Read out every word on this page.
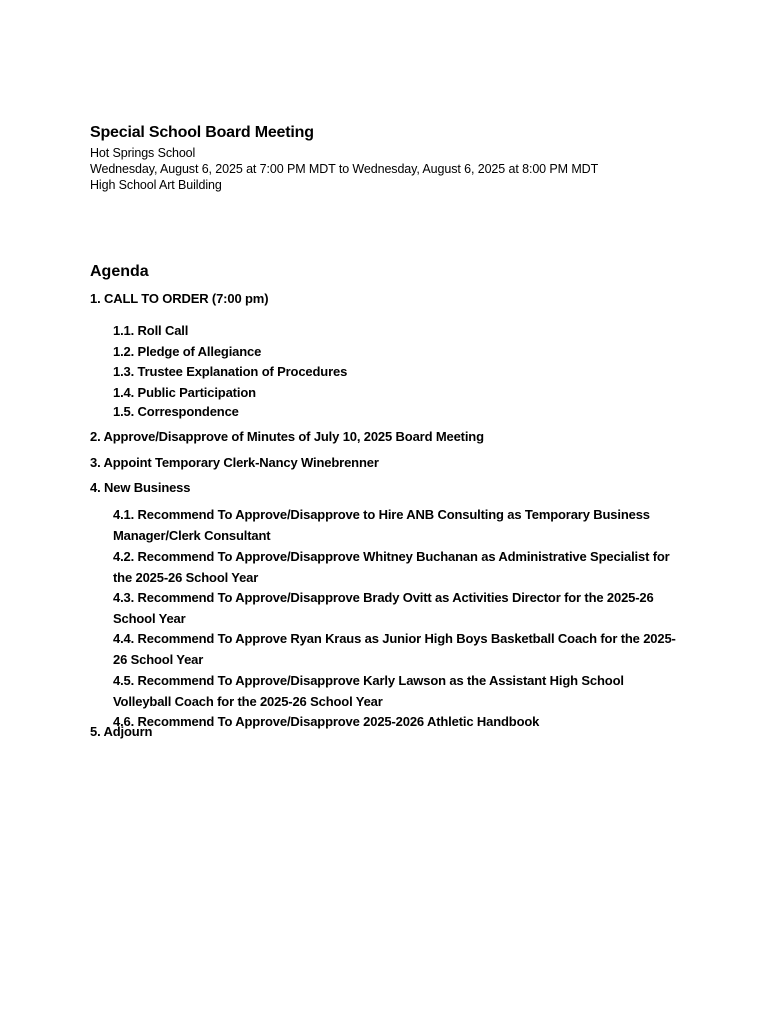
Special School Board Meeting
Hot Springs School
Wednesday, August 6, 2025 at 7:00 PM MDT to Wednesday, August 6, 2025 at 8:00 PM MDT
High School Art Building
Agenda
1. CALL TO ORDER (7:00 pm)
1.1. Roll Call
1.2. Pledge of Allegiance
1.3. Trustee Explanation of Procedures
1.4. Public Participation
1.5. Correspondence
2. Approve/Disapprove of Minutes of July 10, 2025 Board Meeting
3. Appoint Temporary Clerk-Nancy Winebrenner
4. New Business
4.1. Recommend To Approve/Disapprove to Hire ANB Consulting as Temporary Business Manager/Clerk Consultant
4.2. Recommend To Approve/Disapprove Whitney Buchanan as Administrative Specialist for the 2025-26 School Year
4.3. Recommend To Approve/Disapprove Brady Ovitt as Activities Director for the 2025-26 School Year
4.4. Recommend To Approve Ryan Kraus as Junior High Boys Basketball Coach for the 2025-26 School Year
4.5. Recommend To Approve/Disapprove Karly Lawson as the Assistant High School Volleyball Coach for the 2025-26 School Year
4.6. Recommend To Approve/Disapprove 2025-2026 Athletic Handbook
5. Adjourn
